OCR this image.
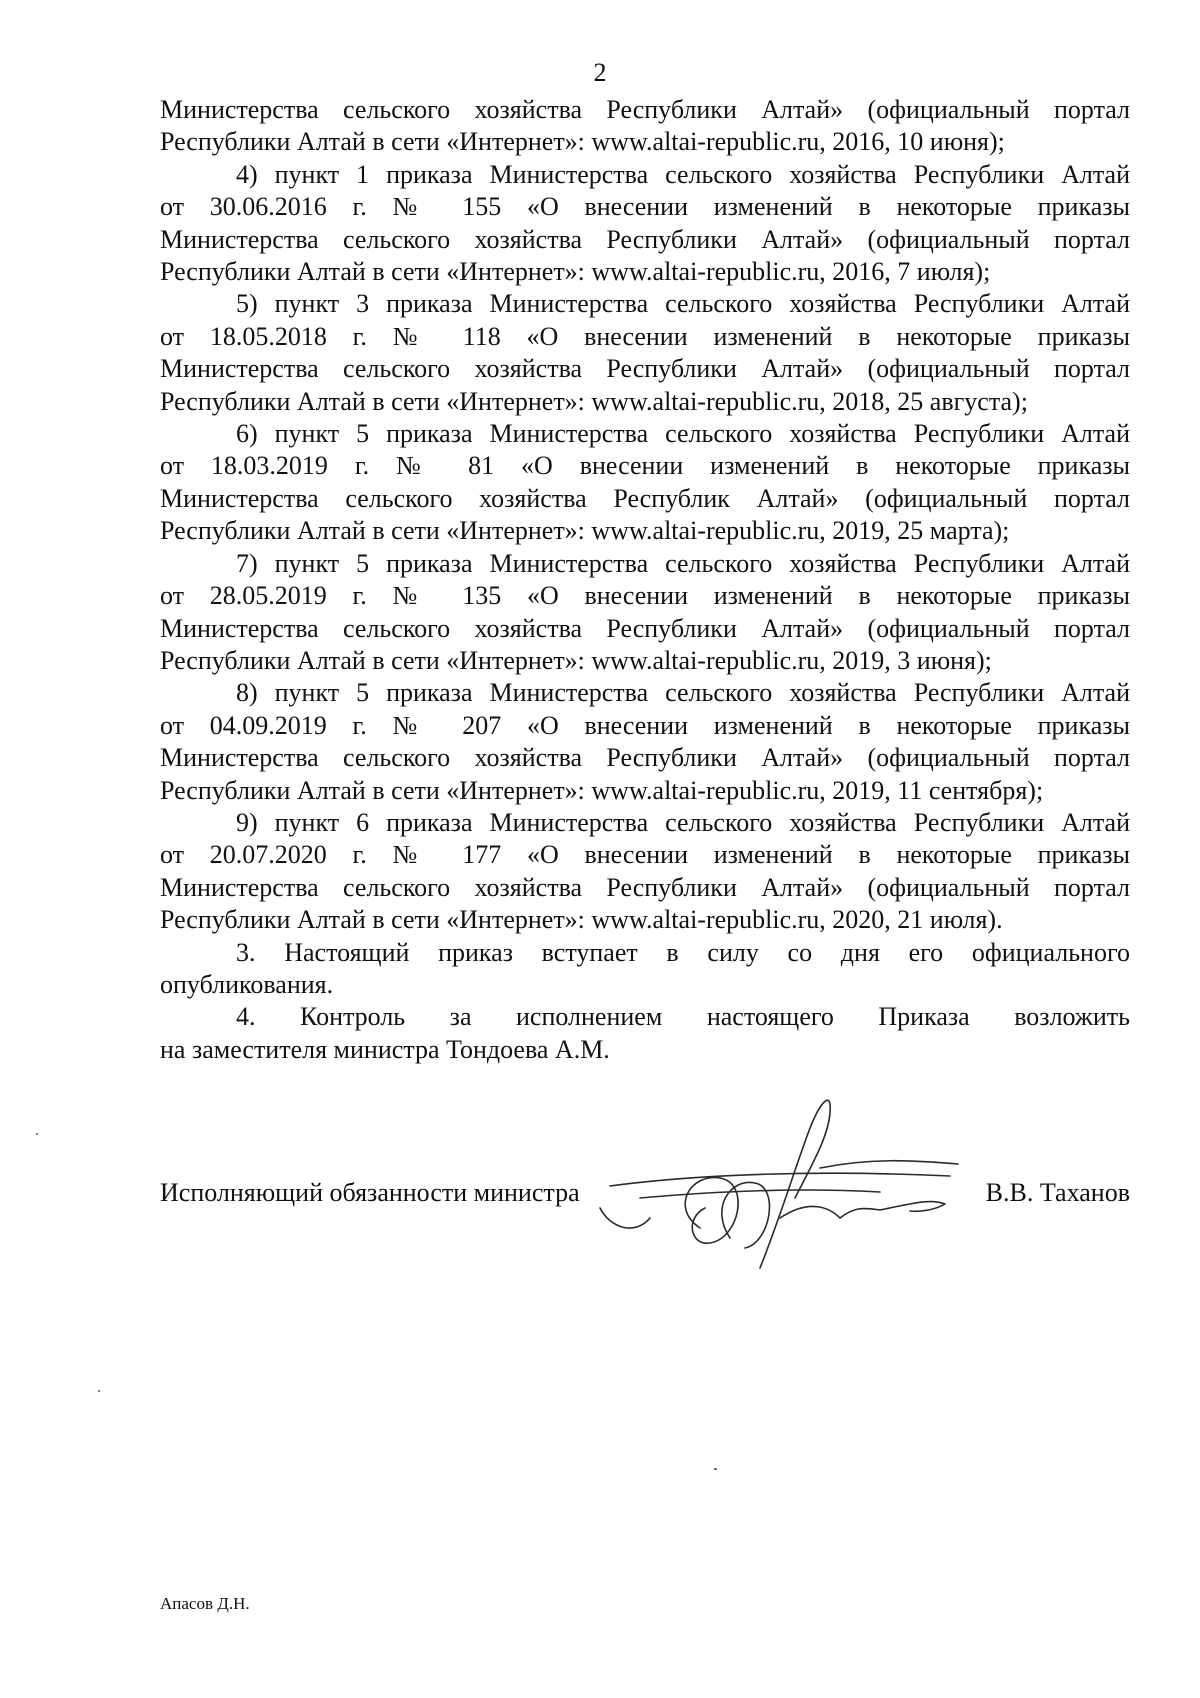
2
Министерства сельского хозяйства Республики Алтай» (официальный портал
Республики Алтай в сети «Интернет»: www.altai-republic.ru, 2016, 10 июня);
4) пункт 1 приказа Министерства сельского хозяйства Республики Алтай
от 30.06.2016 г. № 155 «О внесении изменений в некоторые приказы
Министерства сельского хозяйства Республики Алтай» (официальный портал
Республики Алтай в сети «Интернет»: www.altai-republic.ru, 2016, 7 июля);
5) пункт 3 приказа Министерства сельского хозяйства Республики Алтай
от 18.05.2018 г. № 118 «О внесении изменений в некоторые приказы
Министерства сельского хозяйства Республики Алтай» (официальный портал
Республики Алтай в сети «Интернет»: www.altai-republic.ru, 2018, 25 августа);
6) пункт 5 приказа Министерства сельского хозяйства Республики Алтай
от 18.03.2019 г. № 81 «О внесении изменений в некоторые приказы
Министерства сельского хозяйства Республик Алтай» (официальный портал
Республики Алтай в сети «Интернет»: www.altai-republic.ru, 2019, 25 марта);
7) пункт 5 приказа Министерства сельского хозяйства Республики Алтай
от 28.05.2019 г. № 135 «О внесении изменений в некоторые приказы
Министерства сельского хозяйства Республики Алтай» (официальный портал
Республики Алтай в сети «Интернет»: www.altai-republic.ru, 2019, 3 июня);
8) пункт 5 приказа Министерства сельского хозяйства Республики Алтай
от 04.09.2019 г. № 207 «О внесении изменений в некоторые приказы
Министерства сельского хозяйства Республики Алтай» (официальный портал
Республики Алтай в сети «Интернет»: www.altai-republic.ru, 2019, 11 сентября);
9) пункт 6 приказа Министерства сельского хозяйства Республики Алтай
от 20.07.2020 г. № 177 «О внесении изменений в некоторые приказы
Министерства сельского хозяйства Республики Алтай» (официальный портал
Республики Алтай в сети «Интернет»: www.altai-republic.ru, 2020, 21 июля).
3. Настоящий приказ вступает в силу со дня его официального
опубликования.
4. Контроль за исполнением настоящего Приказа возложить
на заместителя министра Тондоева А.М.
Исполняющий обязанности министра	В.В. Таханов
Апасов Д.Н.
